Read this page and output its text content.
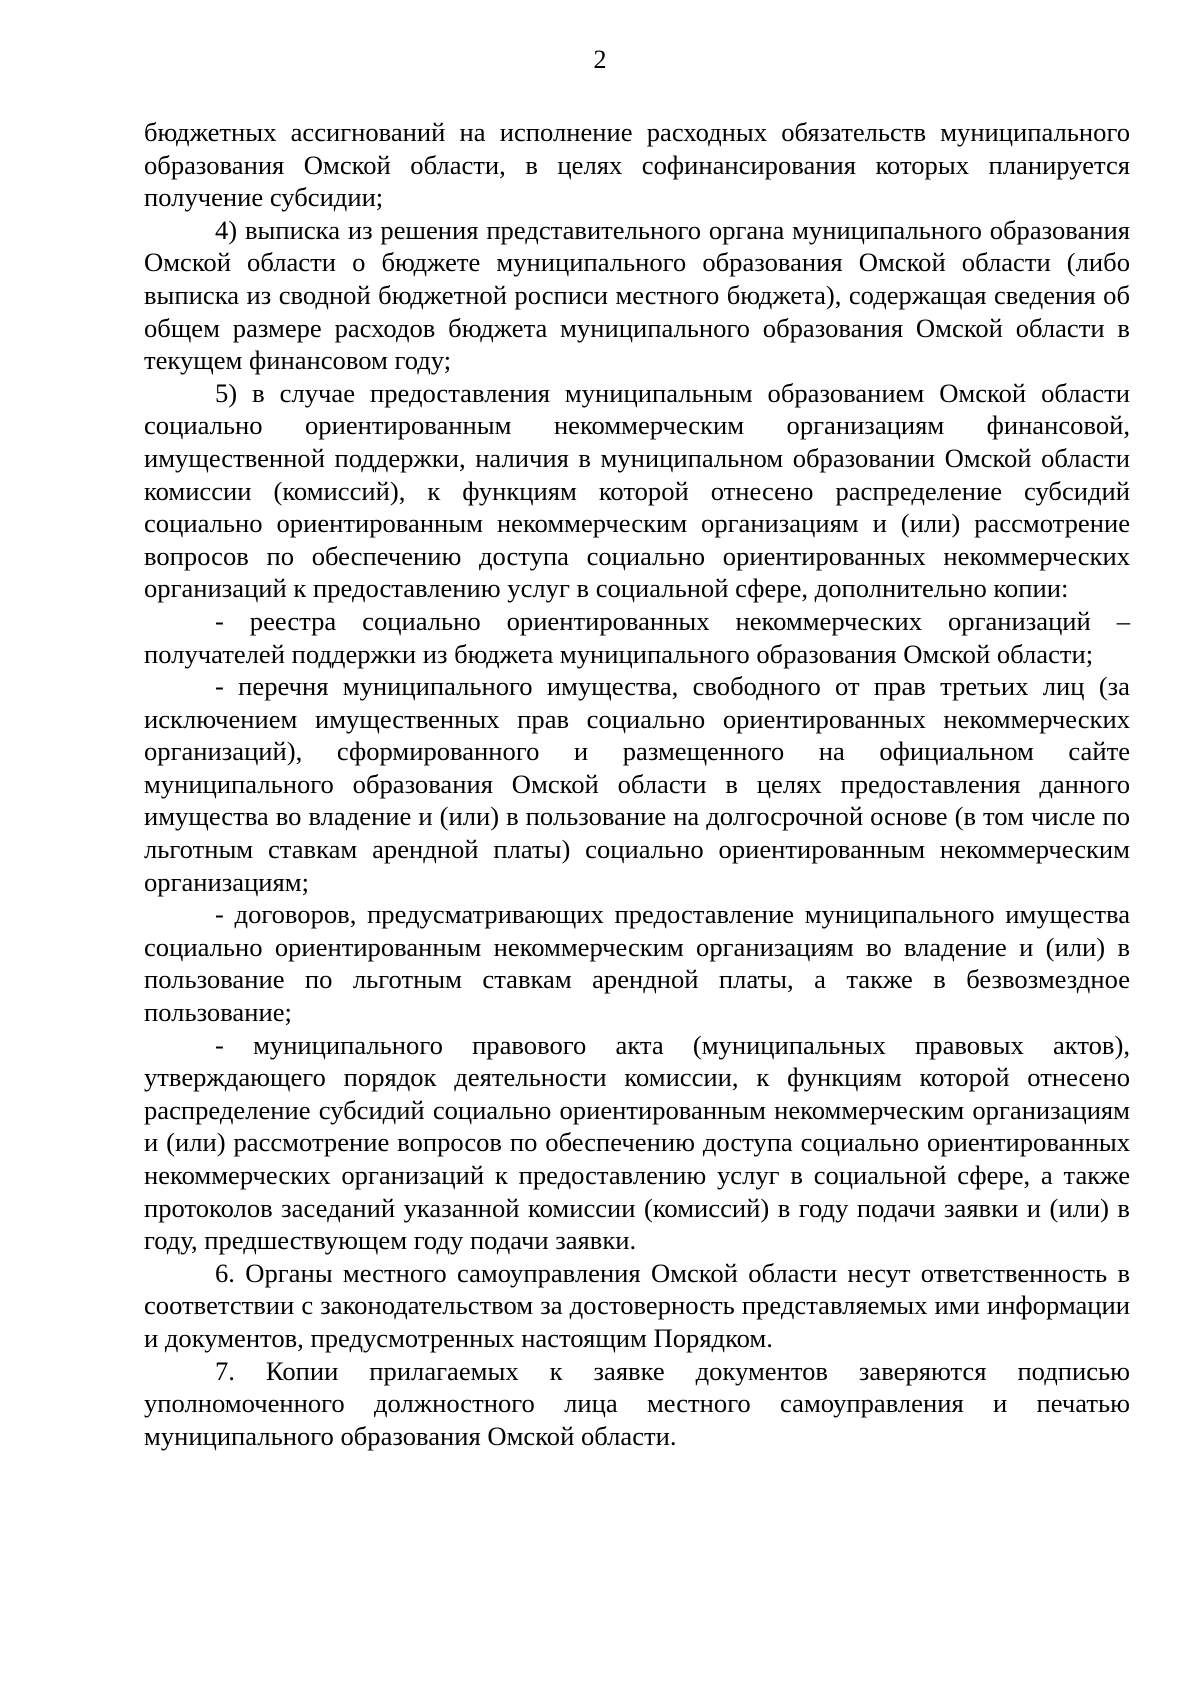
2

бюджетных ассигнований на исполнение расходных обязательств муниципального образования Омской области, в целях софинансирования которых планируется получение субсидии;

4) выписка из решения представительного органа муниципального образования Омской области о бюджете муниципального образования Омской области (либо выписка из сводной бюджетной росписи местного бюджета), содержащая сведения об общем размере расходов бюджета муниципального образования Омской области в текущем финансовом году;

5) в случае предоставления муниципальным образованием Омской области социально ориентированным некоммерческим организациям финансовой, имущественной поддержки, наличия в муниципальном образовании Омской области комиссии (комиссий), к функциям которой отнесено распределение субсидий социально ориентированным некоммерческим организациям и (или) рассмотрение вопросов по обеспечению доступа социально ориентированных некоммерческих организаций к предоставлению услуг в социальной сфере, дополнительно копии:

- реестра социально ориентированных некоммерческих организаций – получателей поддержки из бюджета муниципального образования Омской области;

- перечня муниципального имущества, свободного от прав третьих лиц (за исключением имущественных прав социально ориентированных некоммерческих организаций), сформированного и размещенного на официальном сайте муниципального образования Омской области в целях предоставления данного имущества во владение и (или) в пользование на долгосрочной основе (в том числе по льготным ставкам арендной платы) социально ориентированным некоммерческим организациям;

- договоров, предусматривающих предоставление муниципального имущества социально ориентированным некоммерческим организациям во владение и (или) в пользование по льготным ставкам арендной платы, а также в безвозмездное пользование;

- муниципального правового акта (муниципальных правовых актов), утверждающего порядок деятельности комиссии, к функциям которой отнесено распределение субсидий социально ориентированным некоммерческим организациям и (или) рассмотрение вопросов по обеспечению доступа социально ориентированных некоммерческих организаций к предоставлению услуг в социальной сфере, а также протоколов заседаний указанной комиссии (комиссий) в году подачи заявки и (или) в году, предшествующем году подачи заявки.

6. Органы местного самоуправления Омской области несут ответственность в соответствии с законодательством за достоверность представляемых ими информации и документов, предусмотренных настоящим Порядком.

7. Копии прилагаемых к заявке документов заверяются подписью уполномоченного должностного лица местного самоуправления и печатью муниципального образования Омской области.
